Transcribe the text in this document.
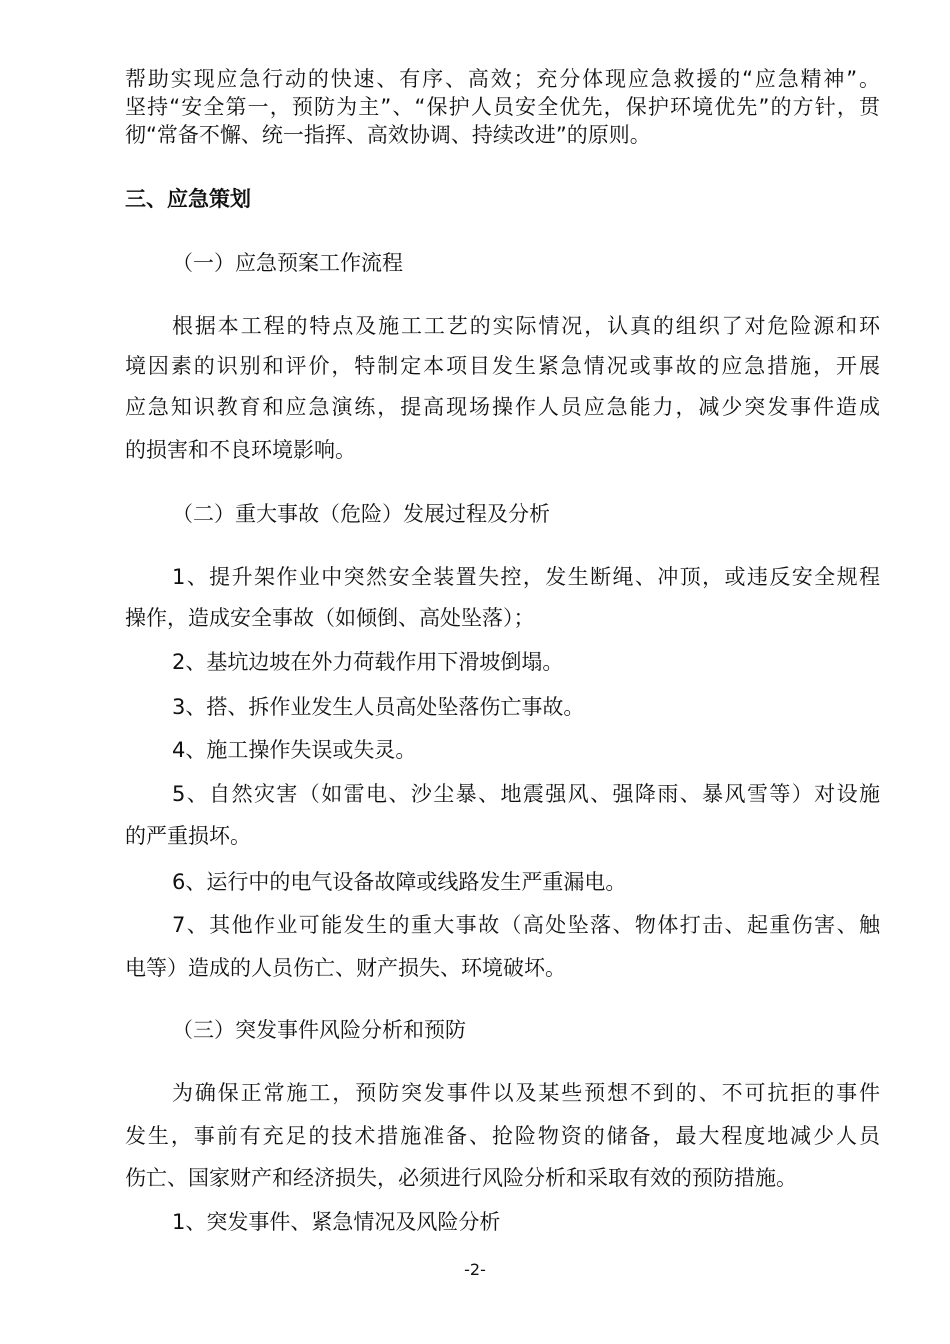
帮助实现应急行动的快速、有序、高效；充分体现应急救援的“应急精神”。
坚持“安全第一，预防为主”、“保护人员安全优先，保护环境优先”的方针，贯
彻“常备不懈、统一指挥、高效协调、持续改进”的原则。
三、应急策划
（一）应急预案工作流程
根据本工程的特点及施工工艺的实际情况，认真的组织了对危险源和环
境因素的识别和评价，特制定本项目发生紧急情况或事故的应急措施，开展
应急知识教育和应急演练，提高现场操作人员应急能力，减少突发事件造成
的损害和不良环境影响。
（二）重大事故（危险）发展过程及分析
1、提升架作业中突然安全装置失控，发生断绳、冲顶，或违反安全规程
操作，造成安全事故（如倾倒、高处坠落）；
2、基坑边坡在外力荷载作用下滑坡倒塌。
3、搭、拆作业发生人员高处坠落伤亡事故。
4、施工操作失误或失灵。
5、自然灾害（如雷电、沙尘暴、地震强风、强降雨、暴风雪等）对设施
的严重损坏。
6、运行中的电气设备故障或线路发生严重漏电。
7、其他作业可能发生的重大事故（高处坠落、物体打击、起重伤害、触
电等）造成的人员伤亡、财产损失、环境破坏。
（三）突发事件风险分析和预防
为确保正常施工，预防突发事件以及某些预想不到的、不可抗拒的事件
发生，事前有充足的技术措施准备、抢险物资的储备，最大程度地减少人员
伤亡、国家财产和经济损失，必须进行风险分析和采取有效的预防措施。
1、突发事件、紧急情况及风险分析
-2-
